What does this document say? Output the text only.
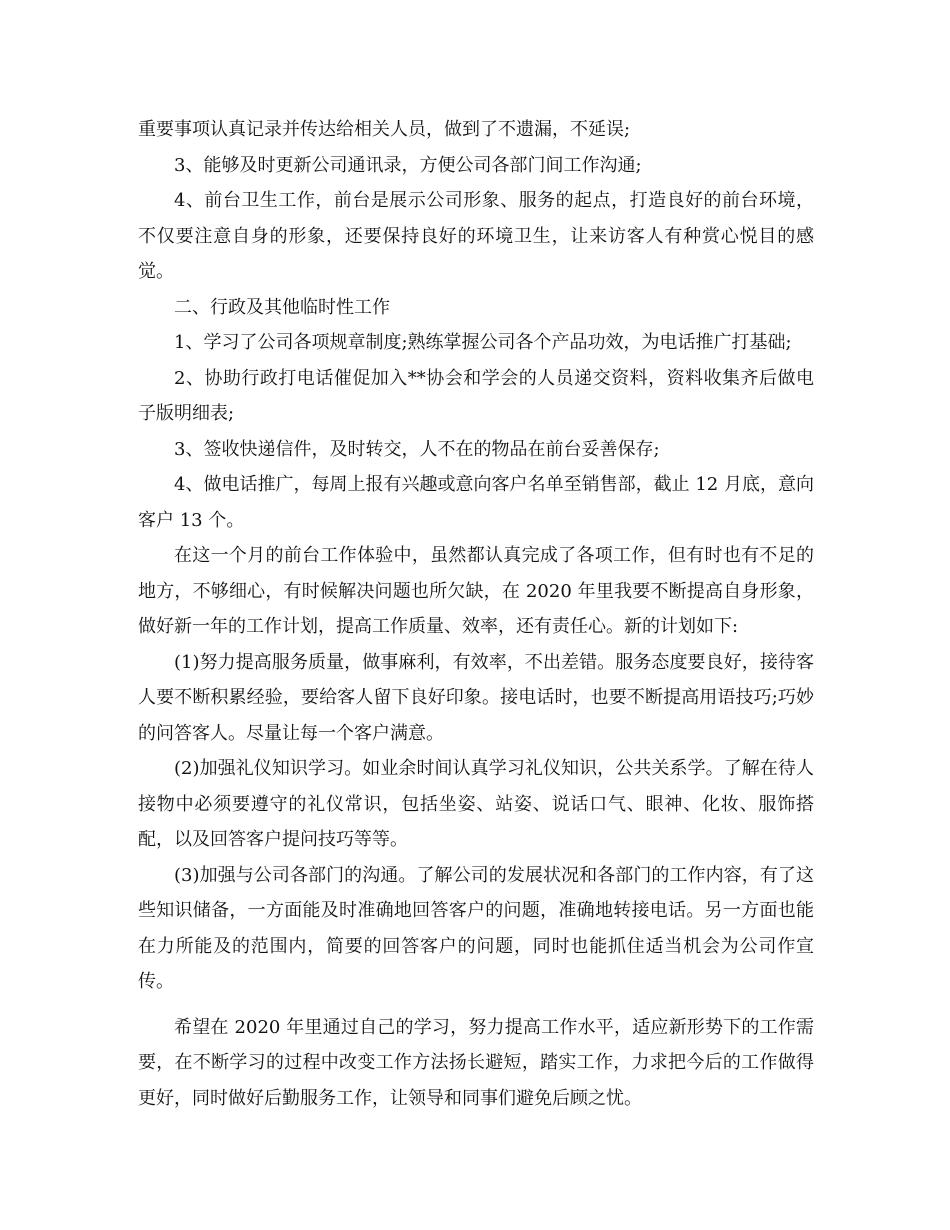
重要事项认真记录并传达给相关人员，做到了不遗漏，不延误;

3、能够及时更新公司通讯录，方便公司各部门间工作沟通;

4、前台卫生工作，前台是展示公司形象、服务的起点，打造良好的前台环境，不仅要注意自身的形象，还要保持良好的环境卫生，让来访客人有种赏心悦目的感觉。

二、行政及其他临时性工作

1、学习了公司各项规章制度;熟练掌握公司各个产品功效，为电话推广打基础;

2、协助行政打电话催促加入**协会和学会的人员递交资料，资料收集齐后做电子版明细表;

3、签收快递信件，及时转交，人不在的物品在前台妥善保存;

4、做电话推广，每周上报有兴趣或意向客户名单至销售部，截止 12 月底，意向客户 13 个。

在这一个月的前台工作体验中，虽然都认真完成了各项工作，但有时也有不足的地方，不够细心，有时候解决问题也所欠缺，在 2020 年里我要不断提高自身形象，做好新一年的工作计划，提高工作质量、效率，还有责任心。新的计划如下:

(1)努力提高服务质量，做事麻利，有效率，不出差错。服务态度要良好，接待客人要不断积累经验，要给客人留下良好印象。接电话时，也要不断提高用语技巧;巧妙的问答客人。尽量让每一个客户满意。

(2)加强礼仪知识学习。如业余时间认真学习礼仪知识，公共关系学。了解在待人接物中必须要遵守的礼仪常识，包括坐姿、站姿、说话口气、眼神、化妆、服饰搭配，以及回答客户提问技巧等等。

(3)加强与公司各部门的沟通。了解公司的发展状况和各部门的工作内容，有了这些知识储备，一方面能及时准确地回答客户的问题，准确地转接电话。另一方面也能在力所能及的范围内，简要的回答客户的问题，同时也能抓住适当机会为公司作宣传。

希望在 2020 年里通过自己的学习，努力提高工作水平，适应新形势下的工作需要，在不断学习的过程中改变工作方法扬长避短，踏实工作，力求把今后的工作做得更好，同时做好后勤服务工作，让领导和同事们避免后顾之忧。
